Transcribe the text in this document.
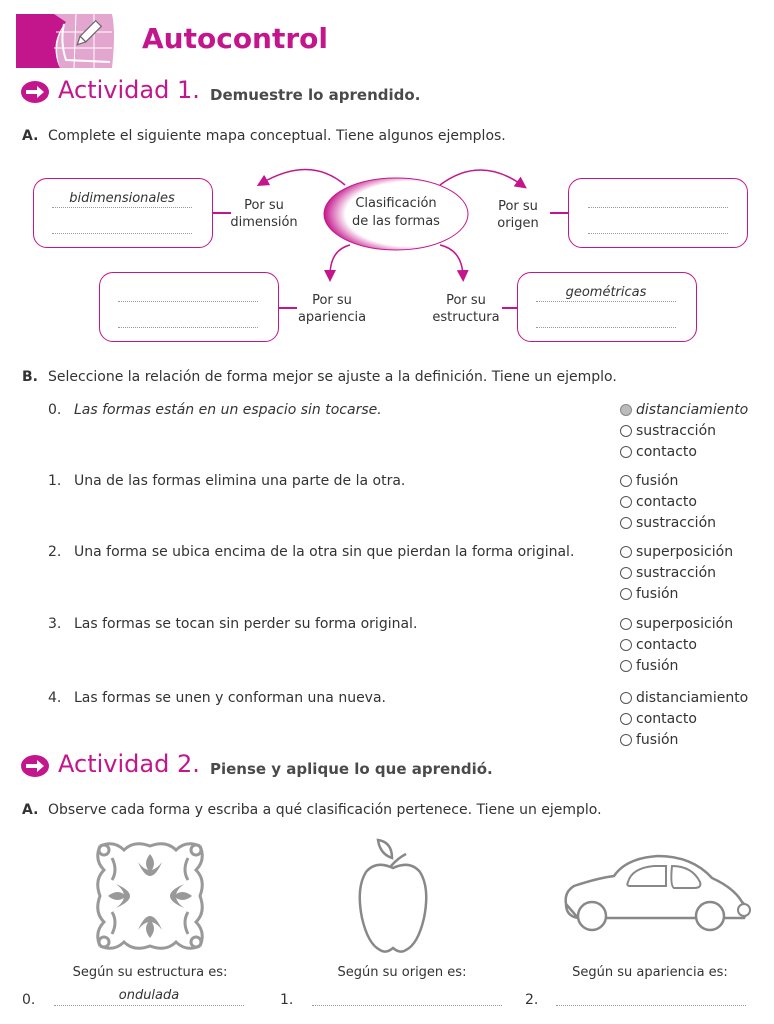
Autocontrol
Actividad 1. Demuestre lo aprendido.
A. Complete el siguiente mapa conceptual. Tiene algunos ejemplos.
Clasificación
de las formas
bidimensionales	Por su
dimensión
Por su
origen
Por su
apariencia
Por su
estructura
geométricas
B. Seleccione la relación de forma mejor se ajuste a la definición. Tiene un ejemplo.
0. Las formas están en un espacio sin tocarse.	distanciamiento
sustracción
contacto
1. Una de las formas elimina una parte de la otra.	fusión
contacto
sustracción
2. Una forma se ubica encima de la otra sin que pierdan la forma original.	superposición
sustracción
fusión
3. Las formas se tocan sin perder su forma original.	superposición
contacto
fusión
4. Las formas se unen y conforman una nueva.	distanciamiento
contacto
fusión
Actividad 2. Piense y aplique lo que aprendió.
A. Observe cada forma y escriba a qué clasificación pertenece. Tiene un ejemplo.
Según su estructura es:	Según su origen es:	Según su apariencia es:
0.	ondulada	1.	2.
